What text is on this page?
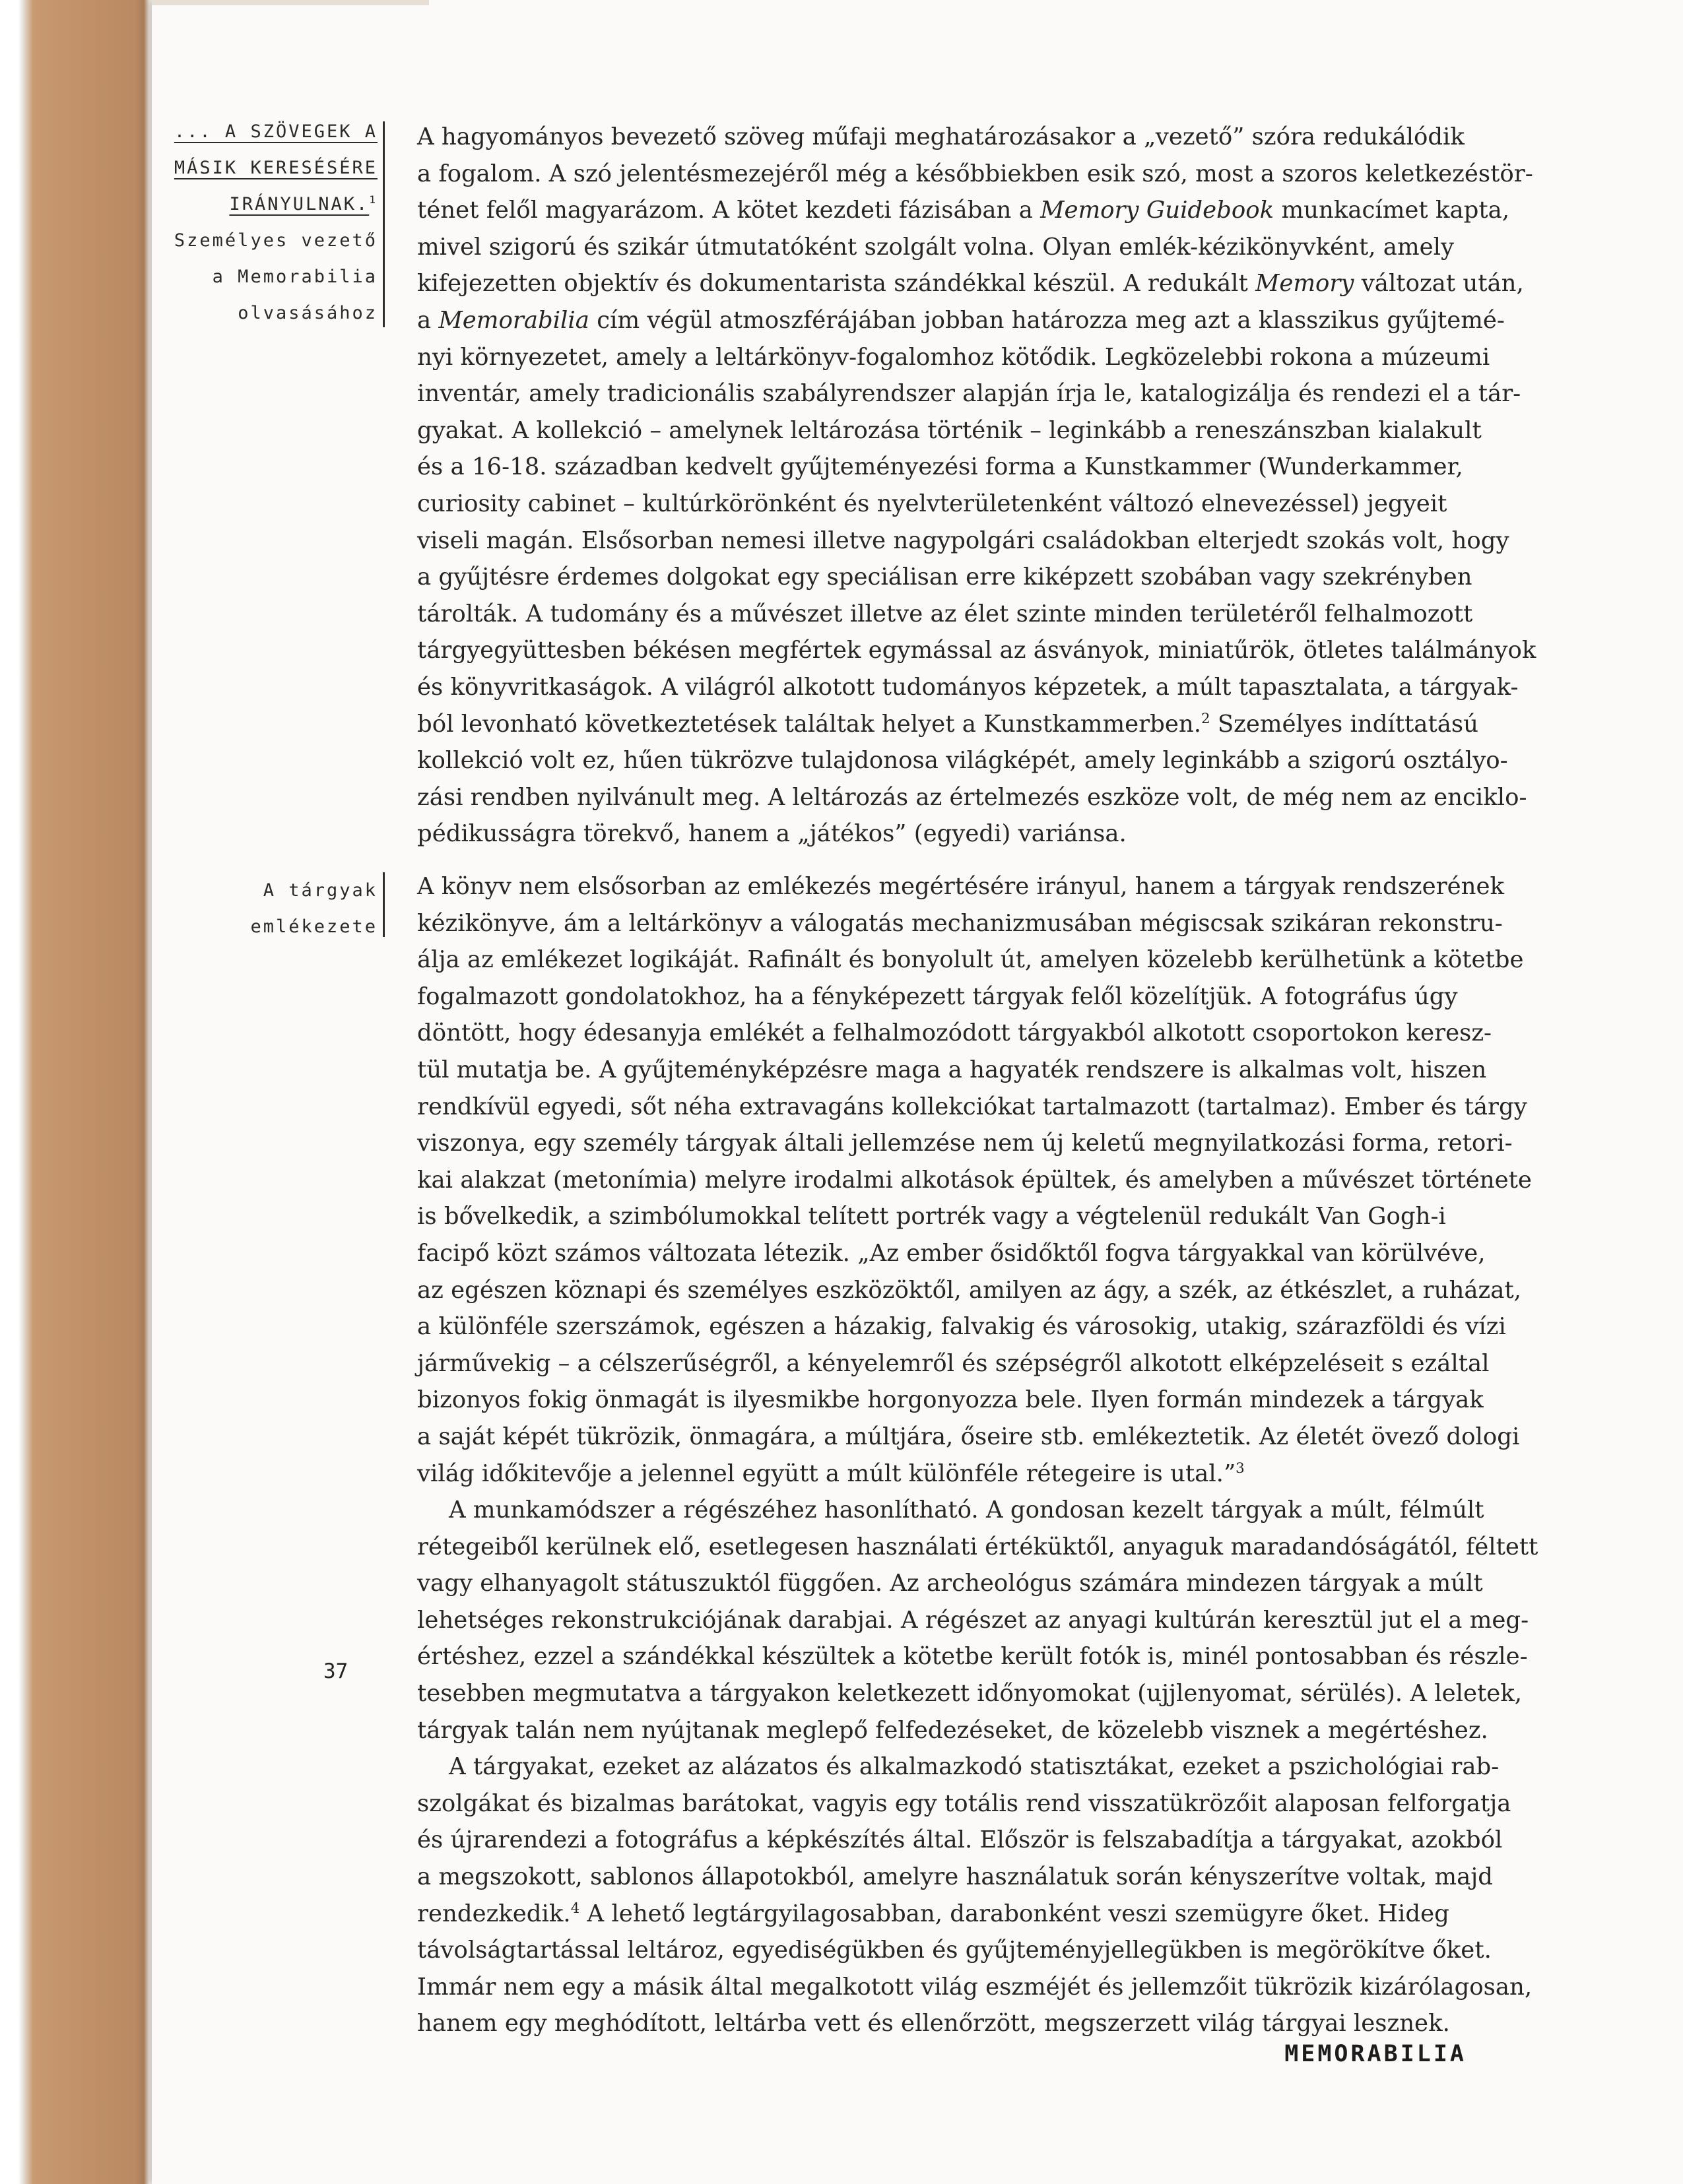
... A SZÖVEGEK A
MÁSIK KERESÉSÉRE
IRÁNYULNAK.$^1$
Személyes vezető
a Memorabilia
olvasásához
A tárgyak
emlékezete

A hagyományos bevezető szöveg műfaji meghatározásakor a „vezető” szóra redukálódik
a fogalom. A szó jelentésmezejéről még a későbbiekben esik szó, most a szoros keletkezéstör-
ténet felől magyarázom. A kötet kezdeti fázisában a Memory Guidebook munkacímet kapta,
mivel szigorú és szikár útmutatóként szolgált volna. Olyan emlék-kézikönyvként, amely
kifejezetten objektív és dokumentarista szándékkal készül. A redukált Memory változat után,
a Memorabilia cím végül atmoszférájában jobban határozza meg azt a klasszikus gyűjtemé-
nyi környezetet, amely a leltárkönyv-fogalomhoz kötődik. Legközelebbi rokona a múzeumi
inventár, amely tradicionális szabályrendszer alapján írja le, katalogizálja és rendezi el a tár-
gyakat. A kollekció – amelynek leltározása történik – leginkább a reneszánszban kialakult
és a 16-18. században kedvelt gyűjteményezési forma a Kunstkammer (Wunderkammer,
curiosity cabinet – kultúrkörönként és nyelvterületenként változó elnevezéssel) jegyeit
viseli magán. Elsősorban nemesi illetve nagypolgári családokban elterjedt szokás volt, hogy
a gyűjtésre érdemes dolgokat egy speciálisan erre kiképzett szobában vagy szekrényben
tárolták. A tudomány és a művészet illetve az élet szinte minden területéről felhalmozott
tárgyegyüttesben békésen megfértek egymással az ásványok, miniatűrök, ötletes találmányok
és könyvritkaságok. A világról alkotott tudományos képzetek, a múlt tapasztalata, a tárgyak-
ból levonható következtetések találtak helyet a Kunstkammerben.$^2$ Személyes indíttatású
kollekció volt ez, hűen tükrözve tulajdonosa világképét, amely leginkább a szigorú osztályo-
zási rendben nyilvánult meg. A leltározás az értelmezés eszköze volt, de még nem az enciklo-
pédikusságra törekvő, hanem a „játékos” (egyedi) variánsa.

A könyv nem elsősorban az emlékezés megértésére irányul, hanem a tárgyak rendszerének
kézikönyve, ám a leltárkönyv a válogatás mechanizmusában mégiscsak szikáran rekonstru-
álja az emlékezet logikáját. Rafinált és bonyolult út, amelyen közelebb kerülhetünk a kötetbe
fogalmazott gondolatokhoz, ha a fényképezett tárgyak felől közelítjük. A fotográfus úgy
döntött, hogy édesanyja emlékét a felhalmozódott tárgyakból alkotott csoportokon keresz-
tül mutatja be. A gyűjteményképzésre maga a hagyaték rendszere is alkalmas volt, hiszen
rendkívül egyedi, sőt néha extravagáns kollekciókat tartalmazott (tartalmaz). Ember és tárgy
viszonya, egy személy tárgyak általi jellemzése nem új keletű megnyilatkozási forma, retori-
kai alakzat (metonímia) melyre irodalmi alkotások épültek, és amelyben a művészet története
is bővelkedik, a szimbólumokkal telített portrék vagy a végtelenül redukált Van Gogh-i
facipő közt számos változata létezik. „Az ember ősidőktől fogva tárgyakkal van körülvéve,
az egészen köznapi és személyes eszközöktől, amilyen az ágy, a szék, az étkészlet, a ruházat,
a különféle szerszámok, egészen a házakig, falvakig és városokig, utakig, szárazföldi és vízi
járművekig – a célszerűségről, a kényelemről és szépségről alkotott elképzeléseit s ezáltal
bizonyos fokig önmagát is ilyesmikbe horgonyozza bele. Ilyen formán mindezek a tárgyak
a saját képét tükrözik, önmagára, a múltjára, őseire stb. emlékeztetik. Az életét övező dologi
világ időkitevője a jelennel együtt a múlt különféle rétegeire is utal.”$^3$

A munkamódszer a régészéhez hasonlítható. A gondosan kezelt tárgyak a múlt, félmúlt
rétegeiből kerülnek elő, esetlegesen használati értéküktől, anyaguk maradandóságától, féltett
vagy elhanyagolt státuszuktól függően. Az archeológus számára mindezen tárgyak a múlt
lehetséges rekonstrukciójának darabjai. A régészet az anyagi kultúrán keresztül jut el a meg-
értéshez, ezzel a szándékkal készültek a kötetbe került fotók is, minél pontosabban és részle-
tesebben megmutatva a tárgyakon keletkezett időnyomokat (ujjlenyomat, sérülés). A leletek,
tárgyak talán nem nyújtanak meglepő felfedezéseket, de közelebb visznek a megértéshez.

A tárgyakat, ezeket az alázatos és alkalmazkodó statisztákat, ezeket a pszichológiai rab-
szolgákat és bizalmas barátokat, vagyis egy totális rend visszatükrözőit alaposan felforgatja
és újrarendezi a fotográfus a képkészítés által. Először is felszabadítja a tárgyakat, azokból
a megszokott, sablonos állapotokból, amelyre használatuk során kényszerítve voltak, majd
rendezkedik.$^4$ A lehető legtárgyilagosabban, darabonként veszi szemügyre őket. Hideg
távolságtartással leltároz, egyediségükben és gyűjteményjellegükben is megörökítve őket.
Immár nem egy a másik által megalkotott világ eszméjét és jellemzőit tükrözik kizárólagosan,
hanem egy meghódított, leltárba vett és ellenőrzött, megszerzett világ tárgyai lesznek.

37
MEMORABILIA
